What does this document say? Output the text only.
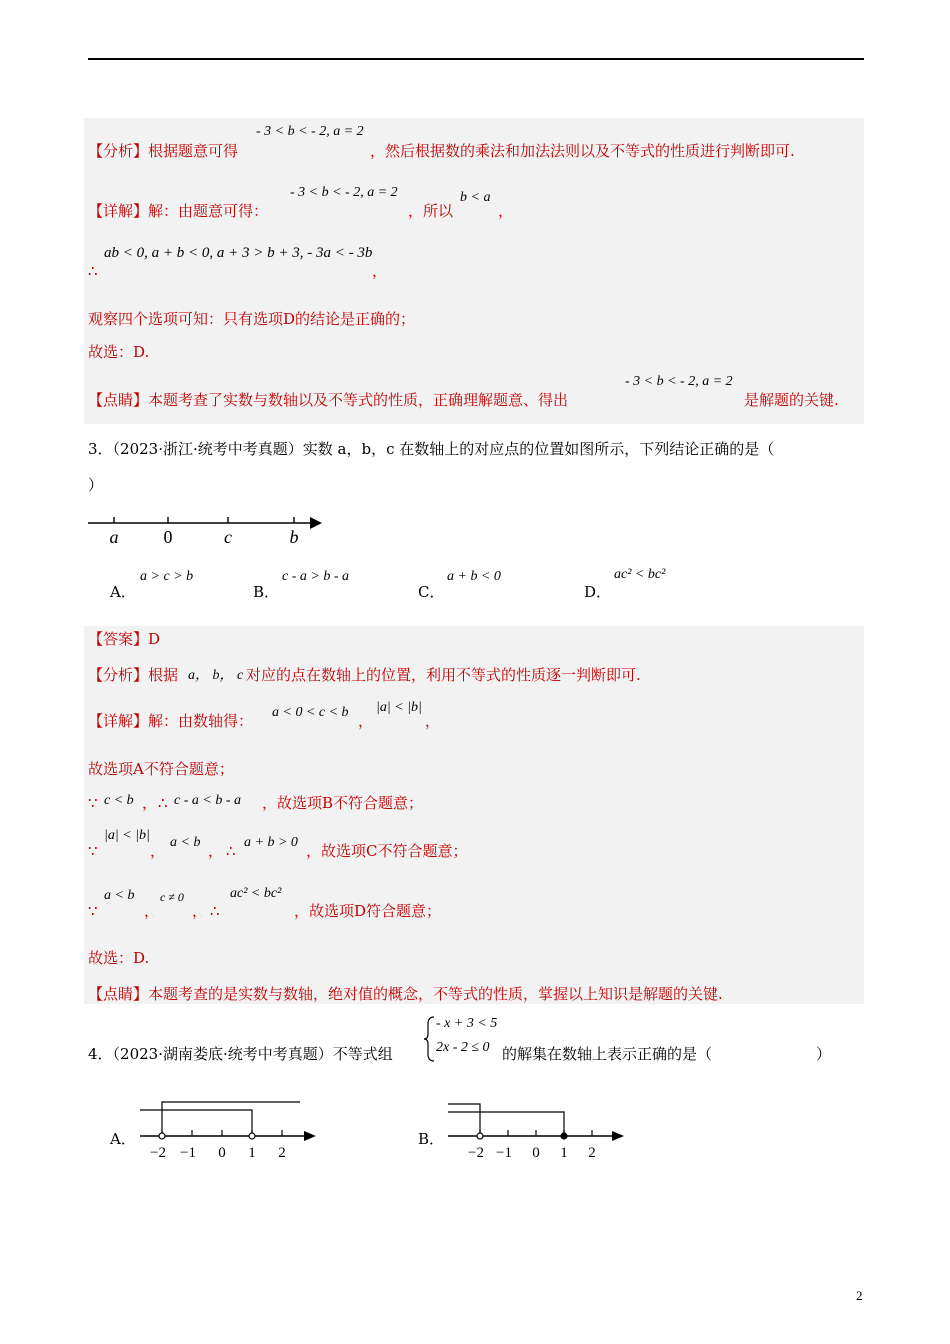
【分析】根据题意可得
- 3 < b < - 2, a = 2
，然后根据数的乘法和加法法则以及不等式的性质进行判断即可.
【详解】解：由题意可得：
- 3 < b < - 2, a = 2
，所以
b < a
，
ab < 0, a + b < 0, a + 3 > b + 3, - 3a < - 3b
∴	，
观察四个选项可知：只有选项D的结论是正确的；
故选：D.
【点睛】本题考查了实数与数轴以及不等式的性质，正确理解题意、得出
- 3 < b < - 2, a = 2
是解题的关键.
3．（2023·浙江·统考中考真题）实数 a，b，c 在数轴上的对应点的位置如图所示，下列结论正确的是（
）
a	0	c	b
A．
a > c > b
B．
c - a > b - a
C．
a + b < 0
D．
ac² < bc²
【答案】D
【分析】根据 a， b， c 对应的点在数轴上的位置，利用不等式的性质逐一判断即可.
【详解】解：由数轴得： a < 0 < c < b ，
|a| < |b|
，
故选项A不符合题意；
∵ c < b ， ∴ c - a < b - a ，故选项B不符合题意；
∵
|a| < |b|
， a < b ， ∴ a + b > 0 ，故选项C不符合题意；
∵
a < b
，
c ≠ 0
， ∴
ac² < bc²
，故选项D符合题意；
故选：D.
【点睛】本题考查的是实数与数轴，绝对值的概念，不等式的性质，掌握以上知识是解题的关键.
4．（2023·湖南娄底·统考中考真题）不等式组
- x + 3 < 5
2x - 2 ≤ 0 的解集在数轴上表示正确的是（	）
A．
−2 −1 0 1 2
B．
−2 −1 0 1 2
2
